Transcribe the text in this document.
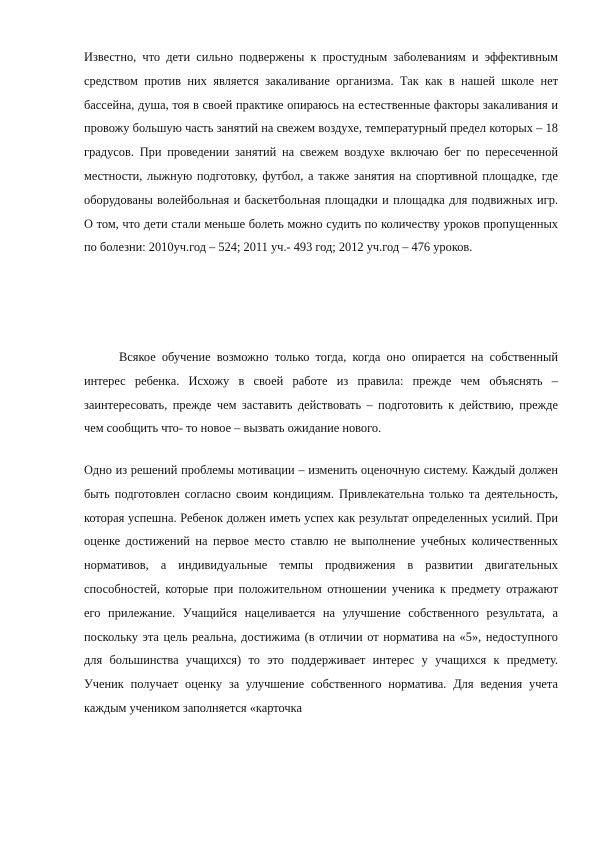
Известно, что дети сильно подвержены к простудным заболеваниям и эффективным средством против них является закаливание организма. Так как в нашей школе нет бассейна, душа, тоя в своей практике опираюсь на естественные факторы закаливания и провожу большую часть занятий на свежем воздухе, температурный предел которых – 18 градусов. При проведении занятий на свежем воздухе включаю бег по пересеченной местности, лыжную подготовку, футбол, а также занятия на спортивной площадке, где оборудованы волейбольная и баскетбольная площадки и площадка для подвижных игр. О том, что дети стали меньше болеть можно судить по количеству уроков пропущенных по болезни: 2010уч.год – 524; 2011 уч.- 493 год; 2012 уч.год – 476 уроков.

Всякое обучение возможно только тогда, когда оно опирается на собственный интерес ребенка. Исхожу в своей работе из правила: прежде чем объяснять – заинтересовать, прежде чем заставить действовать – подготовить к действию, прежде чем сообщить что- то новое – вызвать ожидание нового.

Одно из решений проблемы мотивации – изменить оценочную систему. Каждый должен быть подготовлен согласно своим кондициям. Привлекательна только та деятельность, которая успешна. Ребенок должен иметь успех как результат определенных усилий. При оценке достижений на первое место ставлю не выполнение учебных количественных нормативов, а индивидуальные темпы продвижения в развитии двигательных способностей, которые при положительном отношении ученика к предмету отражают его прилежание. Учащийся нацеливается на улучшение собственного результата, а поскольку эта цель реальна, достижима (в отличии от норматива на «5», недоступного для большинства учащихся) то это поддерживает интерес у учащихся к предмету. Ученик получает оценку за улучшение собственного норматива. Для ведения учета каждым учеником заполняется «карточка
